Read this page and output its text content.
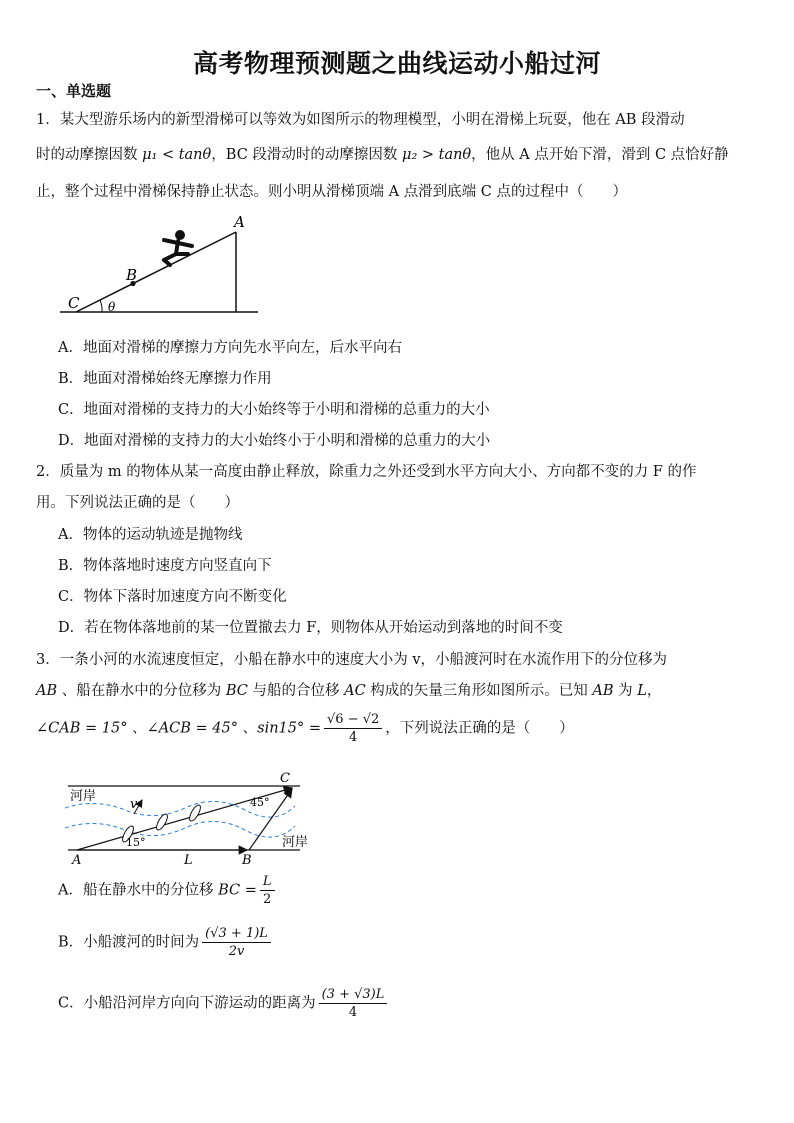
高考物理预测题之曲线运动小船过河
一、单选题
1．某大型游乐场内的新型滑梯可以等效为如图所示的物理模型，小明在滑梯上玩耍，他在 AB 段滑动
时的动摩擦因数 μ₁ < tanθ，BC 段滑动时的动摩擦因数 μ₂ > tanθ，他从 A 点开始下滑，滑到 C 点恰好静
止，整个过程中滑梯保持静止状态。则小明从滑梯顶端 A 点滑到底端 C 点的过程中（　　）
A
B
C θ
A．地面对滑梯的摩擦力方向先水平向左，后水平向右
B．地面对滑梯始终无摩擦力作用
C．地面对滑梯的支持力的大小始终等于小明和滑梯的总重力的大小
D．地面对滑梯的支持力的大小始终小于小明和滑梯的总重力的大小
2．质量为 m 的物体从某一高度由静止释放，除重力之外还受到水平方向大小、方向都不变的力 F 的作
用。下列说法正确的是（　　）
A．物体的运动轨迹是抛物线
B．物体落地时速度方向竖直向下
C．物体下落时加速度方向不断变化
D．若在物体落地前的某一位置撤去力 F，则物体从开始运动到落地的时间不变
3．一条小河的水流速度恒定，小船在静水中的速度大小为 v，小船渡河时在水流作用下的分位移为
AB 、船在静水中的分位移为 BC 与船的合位移 AC 构成的矢量三角形如图所示。已知 AB 为 L，
∠CAB = 15° 、∠ACB = 45° 、$\sin 15^\circ = \frac{√6 - √2}{4}$ ，下列说法正确的是（　　）
河岸
河岸
A	B
C
L
v
15°
45°
A．船在静水中的分位移 BC = $\frac{L}{2}$
B．小船渡河的时间为 $\frac{(√3 + 1)L}{2v}$
C．小船沿河岸方向向下游运动的距离为 $\frac{(3 + √3)L}{4}$
